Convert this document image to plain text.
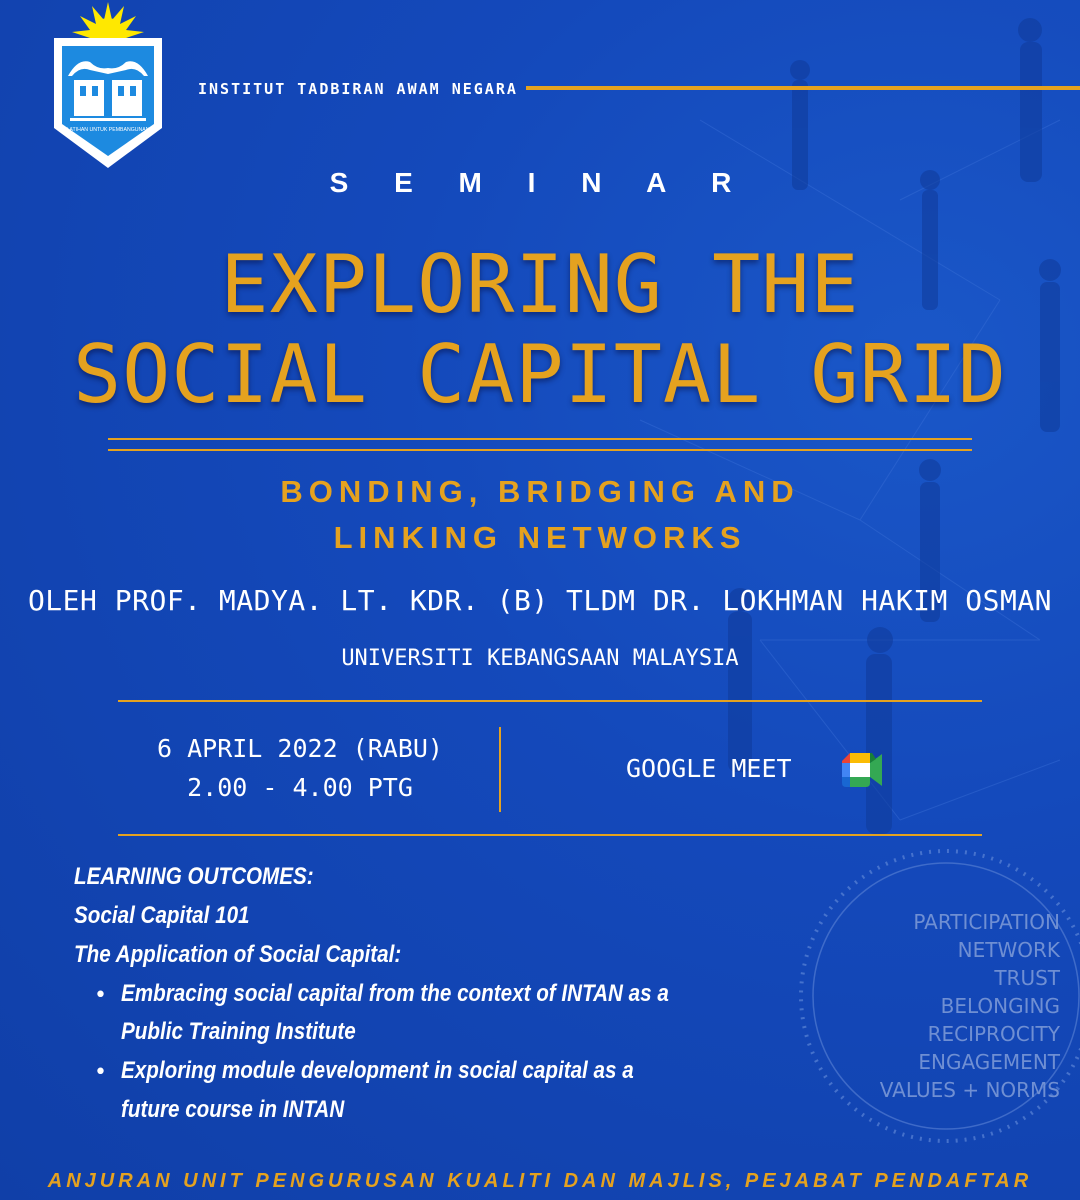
LATIHAN UNTUK PEMBANGUNAN
INSTITUT TADBIRAN AWAM NEGARA
S E M I N A R
EXPLORING THE
SOCIAL CAPITAL GRID
BONDING, BRIDGING AND
LINKING NETWORKS
OLEH PROF. MADYA. LT. KDR. (B) TLDM DR. LOKHMAN HAKIM OSMAN
UNIVERSITI KEBANGSAAN MALAYSIA
6 APRIL 2022 (RABU)
2.00 - 4.00 PTG
GOOGLE MEET
LEARNING OUTCOMES:
Social Capital 101
The Application of Social Capital:
• Embracing social capital from the context of INTAN as a
Public Training Institute
• Exploring module development in social capital as a
future course in INTAN
PARTICIPATION
NETWORK
TRUST
BELONGING
RECIPROCITY
ENGAGEMENT
VALUES + NORMS
ANJURAN UNIT PENGURUSAN KUALITI DAN MAJLIS, PEJABAT PENDAFTAR
